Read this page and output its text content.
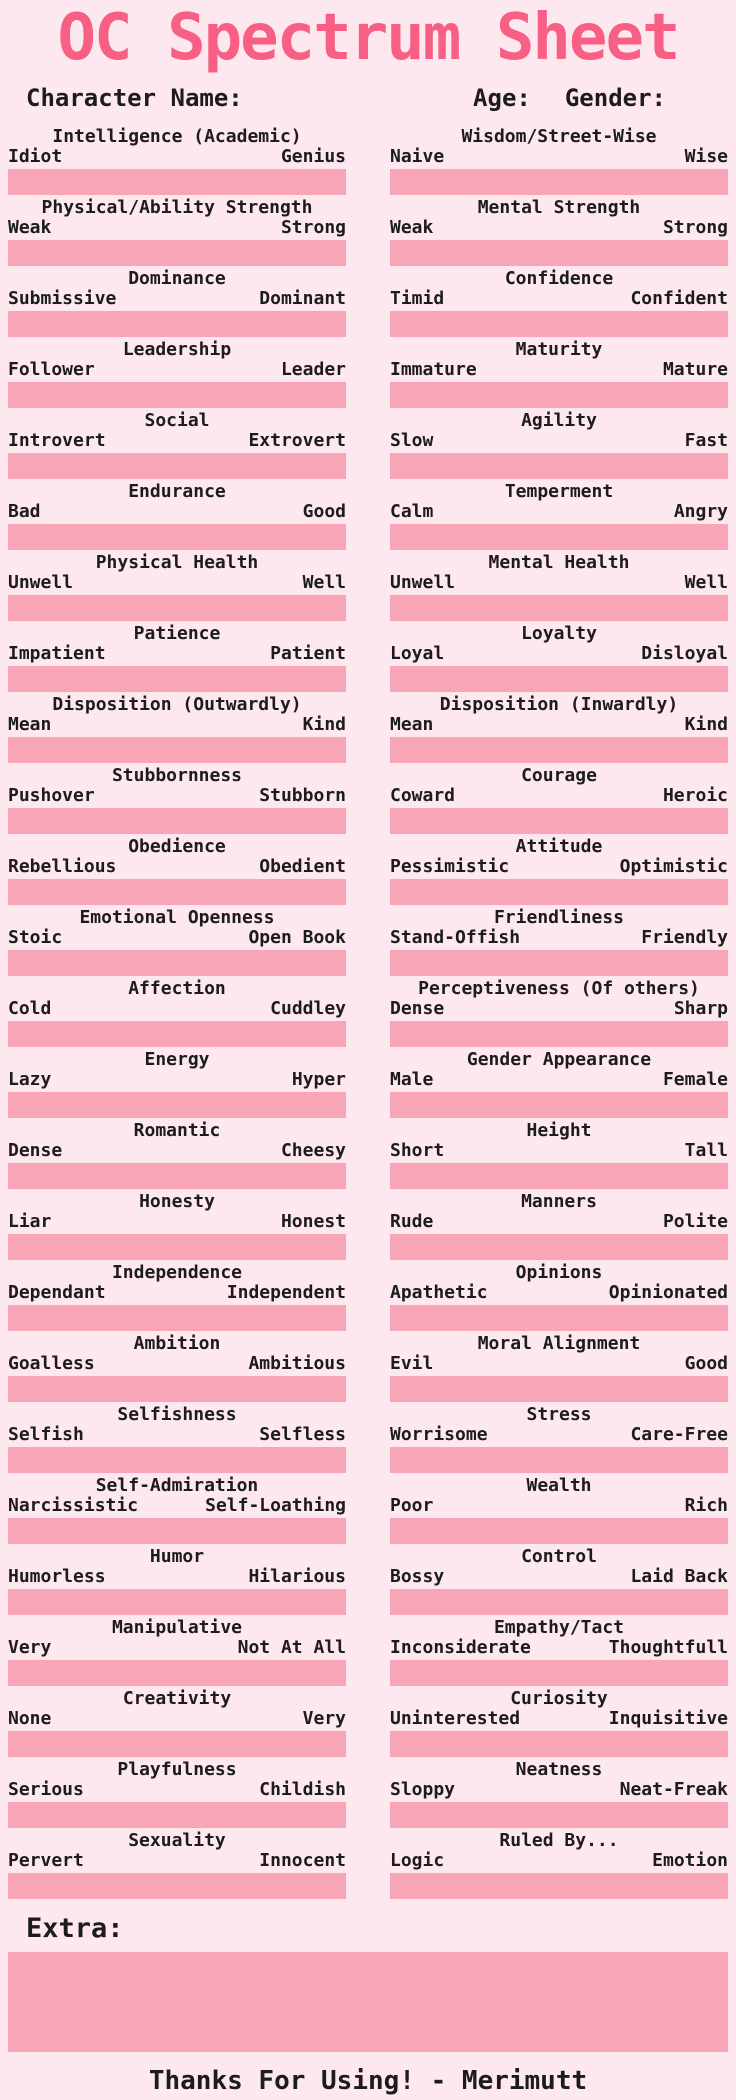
OC Spectrum Sheet
Character Name:	Age: Gender:
Intelligence (Academic)
Idiot	Genius
Physical/Ability Strength
Weak	Strong
Dominance
Submissive	Dominant
Leadership
Follower	Leader
Social
Introvert	Extrovert
Endurance
Bad	Good
Physical Health
Unwell	Well
Patience
Impatient	Patient
Disposition (Outwardly)
Mean	Kind
Stubbornness
Pushover	Stubborn
Obedience
Rebellious	Obedient
Emotional Openness
Stoic	Open Book
Affection
Cold	Cuddley
Energy
Lazy	Hyper
Romantic
Dense	Cheesy
Honesty
Liar	Honest
Independence
Dependant	Independent
Ambition
Goalless	Ambitious
Selfishness
Selfish	Selfless
Self-Admiration
Narcissistic	Self-Loathing
Humor
Humorless	Hilarious
Manipulative
Very	Not At All
Creativity
None	Very
Playfulness
Serious	Childish
Sexuality
Pervert	Innocent
Wisdom/Street-Wise
Naive	Wise
Mental Strength
Weak	Strong
Confidence
Timid	Confident
Maturity
Immature	Mature
Agility
Slow	Fast
Temperment
Calm	Angry
Mental Health
Unwell	Well
Loyalty
Loyal	Disloyal
Disposition (Inwardly)
Mean	Kind
Courage
Coward	Heroic
Attitude
Pessimistic	Optimistic
Friendliness
Stand-Offish	Friendly
Perceptiveness (Of others)
Dense	Sharp
Gender Appearance
Male	Female
Height
Short	Tall
Manners
Rude	Polite
Opinions
Apathetic	Opinionated
Moral Alignment
Evil	Good
Stress
Worrisome	Care-Free
Wealth
Poor	Rich
Control
Bossy	Laid Back
Empathy/Tact
Inconsiderate	Thoughtfull
Curiosity
Uninterested	Inquisitive
Neatness
Sloppy	Neat-Freak
Ruled By...
Logic	Emotion
Extra:
Thanks For Using! - Merimutt
